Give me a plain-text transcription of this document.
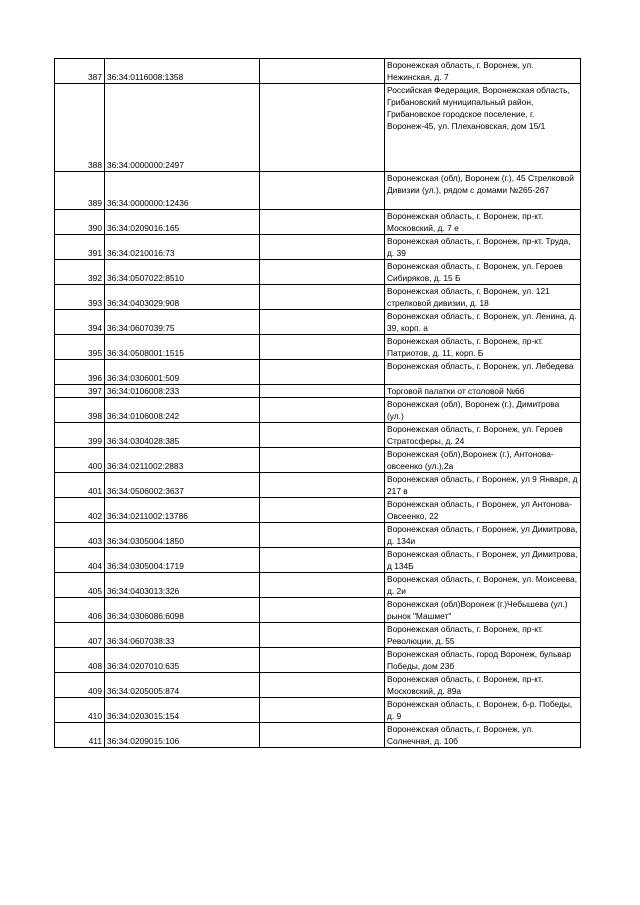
387	36:34:0116008:1358		Воронежская область, г. Воронеж, ул. Нежинская, д. 7
388	36:34:0000000:2497		Российская Федерация, Воронежская область, Грибановский муниципальный район, Грибановское городское поселение, г. Воронеж-45, ул. Плехановская, дом 15/1
389	36:34:0000000:12436		Воронежская (обл), Воронеж (г.), 45 Стрелковой Дивизии (ул.), рядом с домами №265-267
390	36:34:0209016:165		Воронежская область, г. Воронеж, пр-кт. Московский, д. 7 е
391	36:34:0210016:73		Воронежская область, г. Воронеж, пр-кт. Труда, д. 39
392	36:34:0507022:8510		Воронежская область, г. Воронеж, ул. Героев Сибиряков, д. 15 Б
393	36:34:0403029:908		Воронежская область, г. Воронеж, ул. 121 стрелковой дивизии, д. 18
394	36:34:0607039:75		Воронежская область, г. Воронеж, ул. Ленина, д. 39, корп. а
395	36:34:0508001:1515		Воронежская область, г. Воронеж, пр-кт. Патриотов, д. 11, корп. Б
396	36:34:0306001:509		Воронежская область, г. Воронеж, ул. Лебедева
397	36:34:0106008:233		Торговой палатки от столовой №66
398	36:34:0106008:242		Воронежская (обл), Воронеж (г.), Димитрова (ул.)
399	36:34:0304028:385		Воронежская область, г. Воронеж, ул. Героев Стратосферы, д. 24
400	36:34:0211002:2883		Воронежская (обл),Воронеж (г.), Антонова-овсеенко (ул.),2а
401	36:34:0506002:3637		Воронежская область, г Воронеж, ул 9 Января, д 217 в
402	36:34:0211002:13786		Воронежская область, г Воронеж, ул Антонова-Овсеенко, 22
403	36:34:0305004:1850		Воронежская область, г Воронеж, ул Димитрова, д. 134и
404	36:34:0305004:1719		Воронежская область, г Воронеж, ул Димитрова, д 134Б
405	36:34:0403013:326		Воронежская область, г. Воронеж, ул. Моисеева, д. 2и
406	36:34:0306086:6098		Воронежская (обл)Воронеж (г.)Чебышева (ул.) рынок "Машмет"
407	36:34:0607038:33		Воронежская область, г. Воронеж, пр-кт. Революции, д. 55
408	36:34:0207010:635		Воронежская область, город Воронеж, бульвар Победы, дом 23б
409	36:34:0205005:874		Воронежская область, г. Воронеж, пр-кт. Московский, д. 89а
410	36:34:0203015:154		Воронежская область, г. Воронеж, б-р. Победы, д. 9
411	36:34:0209015:106		Воронежская область, г. Воронеж, ул. Солнечная, д. 10б
